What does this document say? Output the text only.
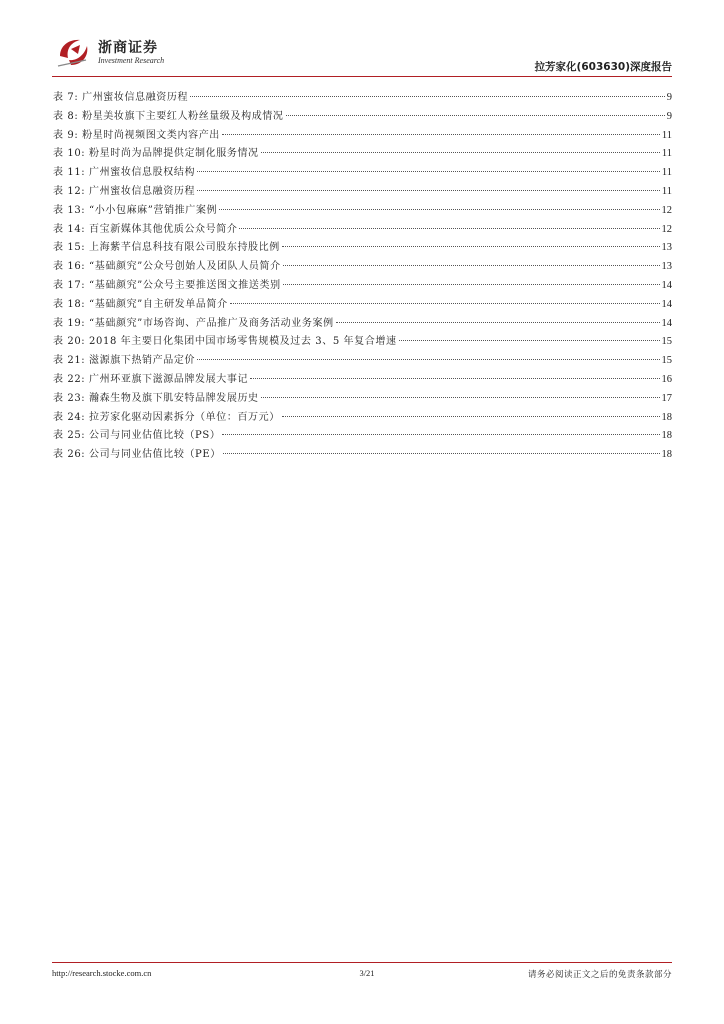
浙商证券
Investment Research
拉芳家化(603630)深度报告
表 7: 广州蜜妆信息融资历程	9
表 8: 粉星美妆旗下主要红人粉丝量级及构成情况	9
表 9: 粉星时尚视频图文类内容产出	11
表 10: 粉星时尚为品牌提供定制化服务情况	11
表 11: 广州蜜妆信息股权结构	11
表 12: 广州蜜妆信息融资历程	11
表 13: “小小包麻麻”营销推广案例	12
表 14: 百宝新媒体其他优质公众号简介	12
表 15: 上海紫芊信息科技有限公司股东持股比例	13
表 16: “基础颜究”公众号创始人及团队人员简介	13
表 17: “基础颜究”公众号主要推送图文推送类别	14
表 18: “基础颜究”自主研发单品简介	14
表 19: “基础颜究”市场咨询、产品推广及商务活动业务案例	14
表 20: 2018 年主要日化集团中国市场零售规模及过去 3、5 年复合增速	15
表 21: 滋源旗下热销产品定价	15
表 22: 广州环亚旗下滋源品牌发展大事记	16
表 23: 瀚森生物及旗下肌安特品牌发展历史	17
表 24: 拉芳家化驱动因素拆分（单位：百万元）	18
表 25: 公司与同业估值比较（PS）	18
表 26: 公司与同业估值比较（PE）	18
http://research.stocke.com.cn	3/21	请务必阅读正文之后的免责条款部分
